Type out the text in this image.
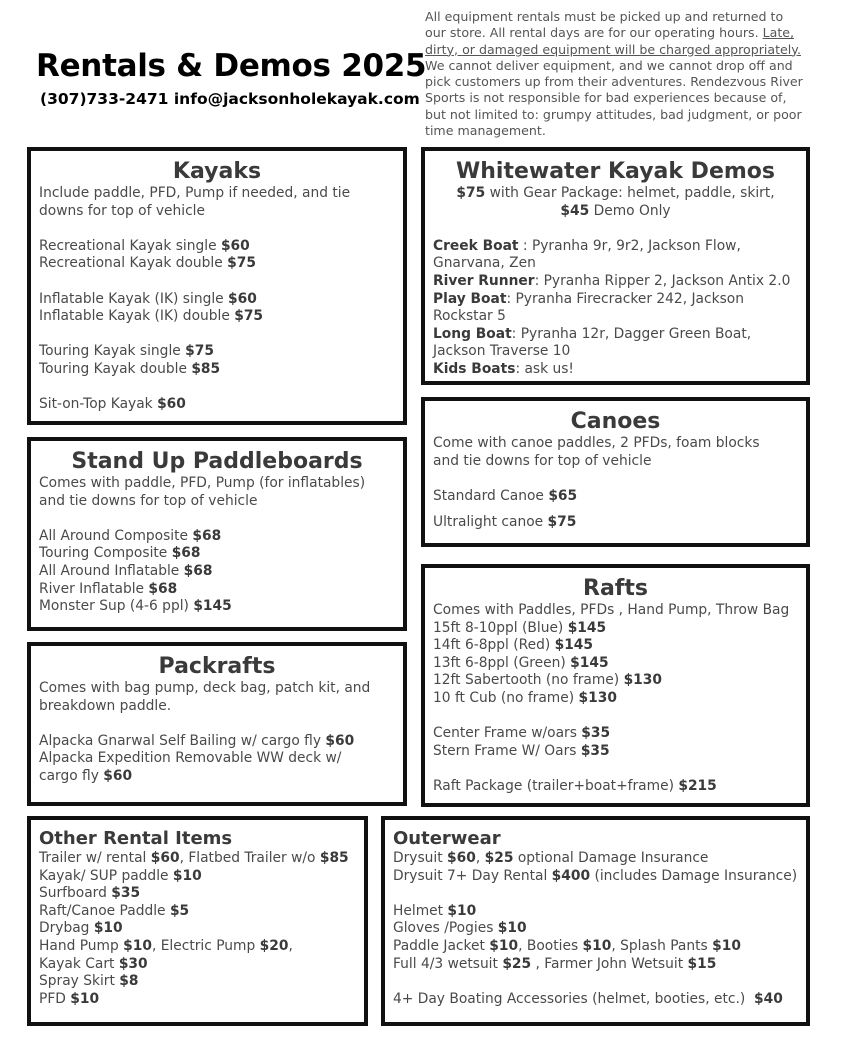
Rentals & Demos 2025
(307)733-2471 info@jacksonholekayak.com
All equipment rentals must be picked up and returned to our store. All rental days are for our operating hours. Late, dirty, or damaged equipment will be charged appropriately. We cannot deliver equipment, and we cannot drop off and pick customers up from their adventures. Rendezvous River Sports is not responsible for bad experiences because of, but not limited to: grumpy attitudes, bad judgment, or poor time management.
Kayaks
Include paddle, PFD, Pump if needed, and tie downs for top of vehicle
Recreational Kayak single $60
Recreational Kayak double $75
Inflatable Kayak (IK) single $60
Inflatable Kayak (IK) double $75
Touring Kayak single $75
Touring Kayak double $85
Sit-on-Top Kayak $60
Stand Up Paddleboards
Comes with paddle, PFD, Pump (for inflatables) and tie downs for top of vehicle
All Around Composite $68
Touring Composite $68
All Around Inflatable $68
River Inflatable $68
Monster Sup (4-6 ppl) $145
Packrafts
Comes with bag pump, deck bag, patch kit, and breakdown paddle.
Alpacka Gnarwal Self Bailing w/ cargo fly $60
Alpacka Expedition Removable WW deck w/ cargo fly $60
Whitewater Kayak Demos
$75 with Gear Package: helmet, paddle, skirt,
$45 Demo Only
Creek Boat : Pyranha 9r, 9r2, Jackson Flow, Gnarvana, Zen
River Runner: Pyranha Ripper 2, Jackson Antix 2.0
Play Boat: Pyranha Firecracker 242, Jackson Rockstar 5
Long Boat: Pyranha 12r, Dagger Green Boat, Jackson Traverse 10
Kids Boats: ask us!
Canoes
Come with canoe paddles, 2 PFDs, foam blocks and tie downs for top of vehicle
Standard Canoe $65
Ultralight canoe $75
Rafts
Comes with Paddles, PFDs , Hand Pump, Throw Bag
15ft 8-10ppl (Blue) $145
14ft 6-8ppl (Red) $145
13ft 6-8ppl (Green) $145
12ft Sabertooth (no frame) $130
10 ft Cub (no frame) $130
Center Frame w/oars $35
Stern Frame W/ Oars $35
Raft Package (trailer+boat+frame) $215
Other Rental Items
Trailer w/ rental $60, Flatbed Trailer w/o $85
Kayak/ SUP paddle $10
Surfboard $35
Raft/Canoe Paddle $5
Drybag $10
Hand Pump $10, Electric Pump $20,
Kayak Cart $30
Spray Skirt $8
PFD $10
Outerwear
Drysuit $60, $25 optional Damage Insurance
Drysuit 7+ Day Rental $400 (includes Damage Insurance)
Helmet $10
Gloves /Pogies $10
Paddle Jacket $10, Booties $10, Splash Pants $10
Full 4/3 wetsuit $25 , Farmer John Wetsuit $15
4+ Day Boating Accessories (helmet, booties, etc.)  $40
